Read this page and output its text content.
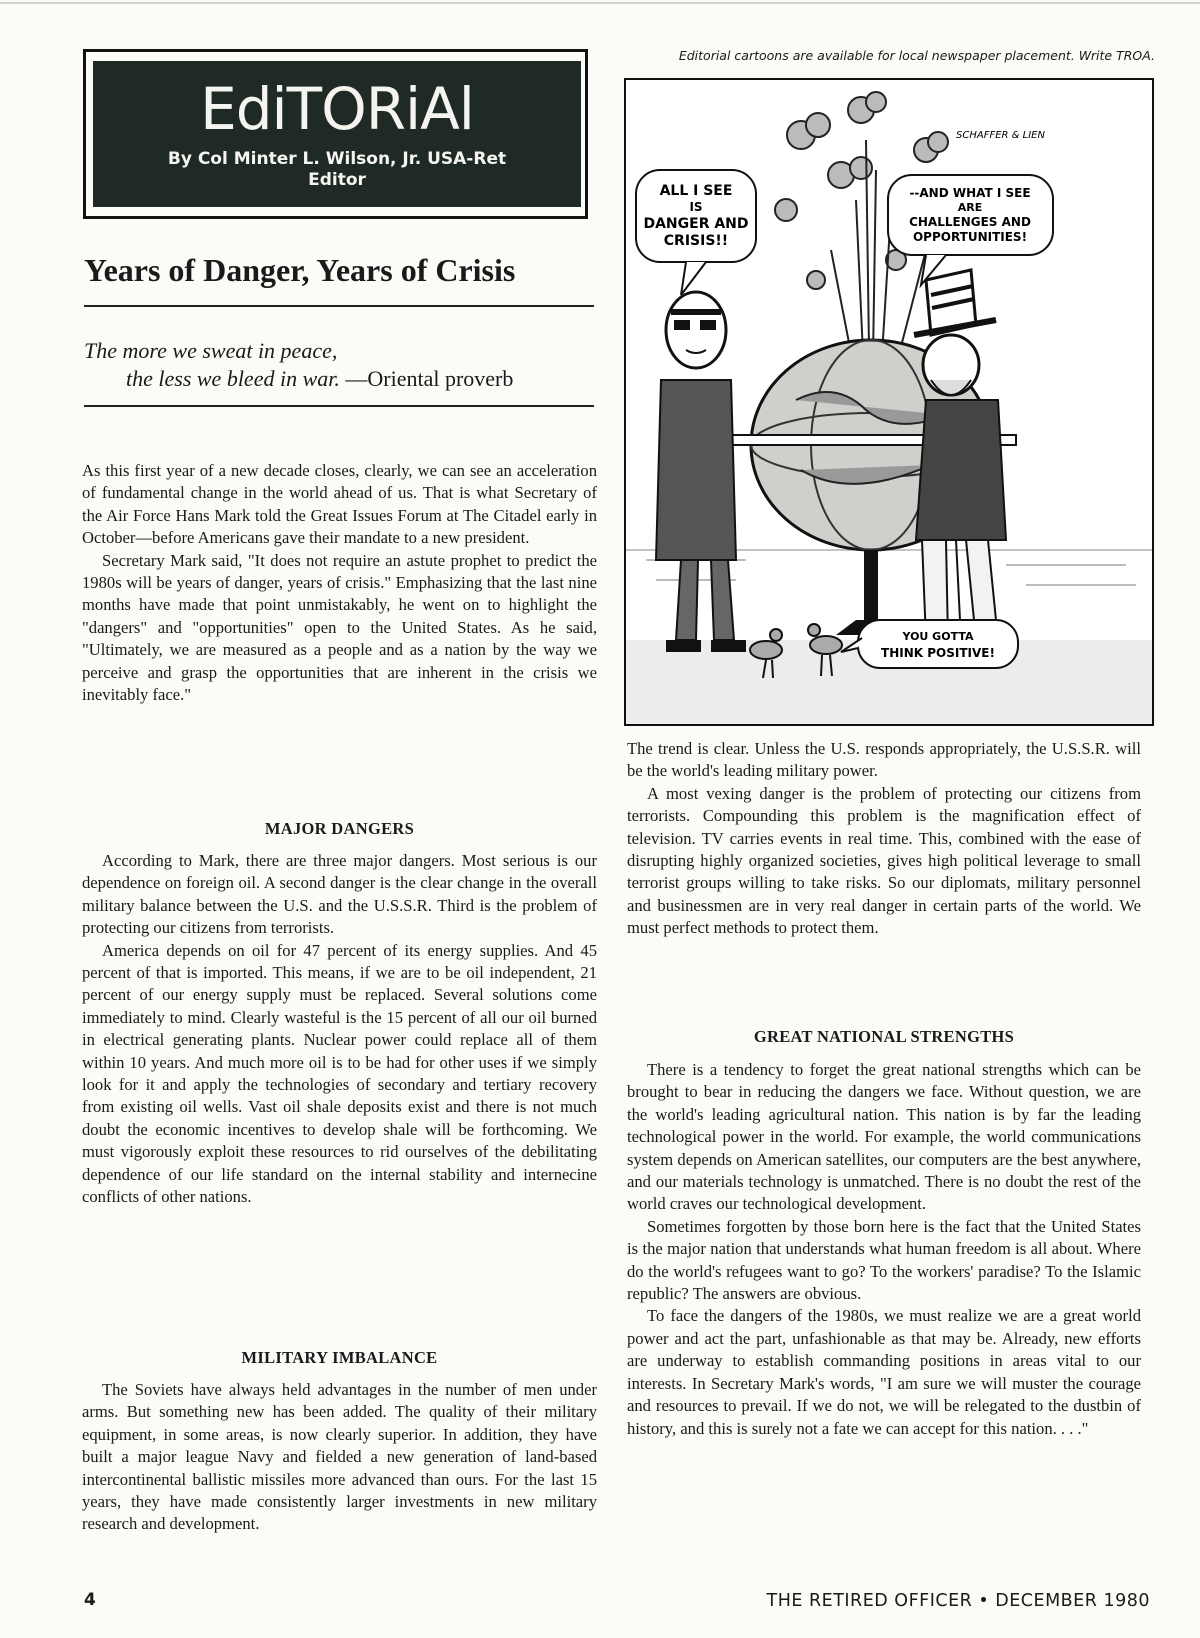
EdiTORiAl
By Col Minter L. Wilson, Jr. USA-Ret
Editor
Years of Danger, Years of Crisis
The more we sweat in peace,
the less we bleed in war. —Oriental proverb

As this first year of a new decade closes, clearly, we can see an acceleration of fundamental change in the world ahead of us. That is what Secretary of the Air Force Hans Mark told the Great Issues Forum at The Citadel early in October—before Americans gave their mandate to a new president.

Secretary Mark said, "It does not require an astute prophet to predict the 1980s will be years of danger, years of crisis." Emphasizing that the last nine months have made that point unmistakably, he went on to highlight the "dangers" and "opportunities" open to the United States. As he said, "Ultimately, we are measured as a people and as a nation by the way we perceive and grasp the opportunities that are inherent in the crisis we inevitably face."

MAJOR DANGERS

According to Mark, there are three major dangers. Most serious is our dependence on foreign oil. A second danger is the clear change in the overall military balance between the U.S. and the U.S.S.R. Third is the problem of protecting our citizens from terrorists.

America depends on oil for 47 percent of its energy supplies. And 45 percent of that is imported. This means, if we are to be oil independent, 21 percent of our energy supply must be replaced. Several solutions come immediately to mind. Clearly wasteful is the 15 percent of all our oil burned in electrical generating plants. Nuclear power could replace all of them within 10 years. And much more oil is to be had for other uses if we simply look for it and apply the technologies of secondary and tertiary recovery from existing oil wells. Vast oil shale deposits exist and there is not much doubt the economic incentives to develop shale will be forthcoming. We must vigorously exploit these resources to rid ourselves of the debilitating dependence of our life standard on the internal stability and internecine conflicts of other nations.

MILITARY IMBALANCE

The Soviets have always held advantages in the number of men under arms. But something new has been added. The quality of their military equipment, in some areas, is now clearly superior. In addition, they have built a major league Navy and fielded a new generation of land-based intercontinental ballistic missiles more advanced than ours. For the last 15 years, they have made consistently larger investments in new military research and development.

Editorial cartoons are available for local newspaper placement. Write TROA.
ALL I SEE
IS
DANGER AND
CRISIS!!
--AND WHAT I SEE
ARE
CHALLENGES AND
OPPORTUNITIES!
YOU GOTTA
THINK POSITIVE!
SCHAFFER & LIEN

The trend is clear. Unless the U.S. responds appropriately, the U.S.S.R. will be the world's leading military power.

A most vexing danger is the problem of protecting our citizens from terrorists. Compounding this problem is the magnification effect of television. TV carries events in real time. This, combined with the ease of disrupting highly organized societies, gives high political leverage to small terrorist groups willing to take risks. So our diplomats, military personnel and businessmen are in very real danger in certain parts of the world. We must perfect methods to protect them.

GREAT NATIONAL STRENGTHS

There is a tendency to forget the great national strengths which can be brought to bear in reducing the dangers we face. Without question, we are the world's leading agricultural nation. This nation is by far the leading technological power in the world. For example, the world communications system depends on American satellites, our computers are the best anywhere, and our materials technology is unmatched. There is no doubt the rest of the world craves our technological development.

Sometimes forgotten by those born here is the fact that the United States is the major nation that understands what human freedom is all about. Where do the world's refugees want to go? To the workers' paradise? To the Islamic republic? The answers are obvious.

To face the dangers of the 1980s, we must realize we are a great world power and act the part, unfashionable as that may be. Already, new efforts are underway to establish commanding positions in areas vital to our interests. In Secretary Mark's words, "I am sure we will muster the courage and resources to prevail. If we do not, we will be relegated to the dustbin of history, and this is surely not a fate we can accept for this nation. . . ."

4	THE RETIRED OFFICER • DECEMBER 1980
